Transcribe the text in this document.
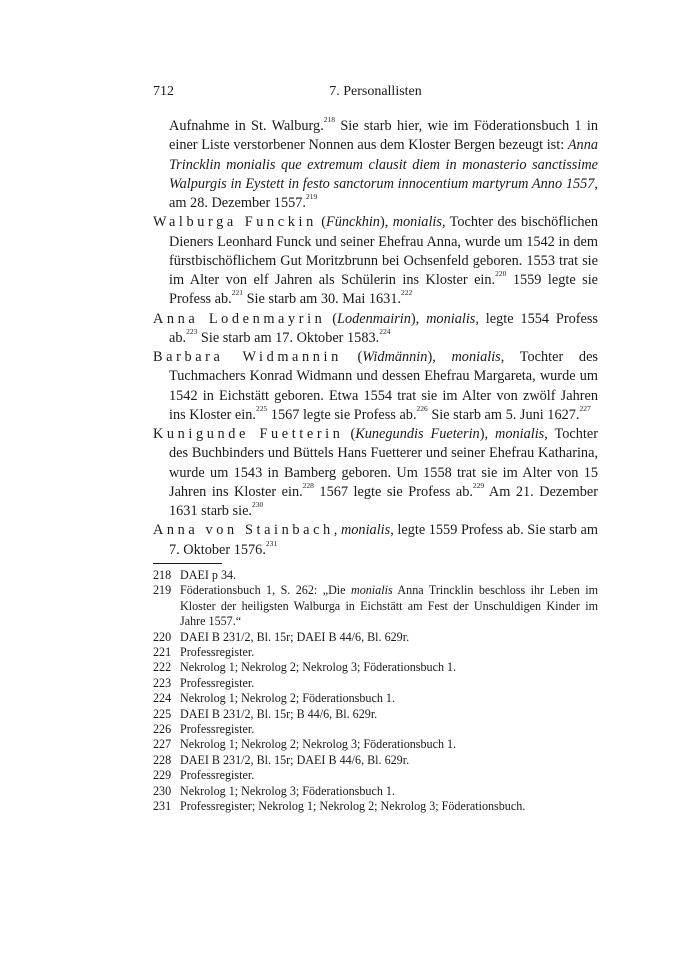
712	7. Personallisten

Aufnahme in St. Walburg.$^{218}$ Sie starb hier, wie im Föderationsbuch 1 in einer Liste verstorbener Nonnen aus dem Kloster Bergen bezeugt ist: Anna Trincklin monialis que extremum clausit diem in monasterio sanctissime Walpurgis in Eystett in festo sanctorum innocentium martyrum Anno 1557, am 28. Dezember 1557.$^{219}$

Walburga Funckin (Fünckhin), monialis, Tochter des bischöflichen Dieners Leonhard Funck und seiner Ehefrau Anna, wurde um 1542 in dem fürstbischöflichem Gut Moritzbrunn bei Ochsenfeld geboren. 1553 trat sie im Alter von elf Jahren als Schülerin ins Kloster ein.$^{220}$ 1559 legte sie Profess ab.$^{221}$ Sie starb am 30. Mai 1631.$^{222}$

Anna Lodenmayrin (Lodenmairin), monialis, legte 1554 Profess ab.$^{223}$ Sie starb am 17. Oktober 1583.$^{224}$

Barbara Widmannin (Widmännin), monialis, Tochter des Tuchmachers Konrad Widmann und dessen Ehefrau Margareta, wurde um 1542 in Eichstätt geboren. Etwa 1554 trat sie im Alter von zwölf Jahren ins Kloster ein.$^{225}$ 1567 legte sie Profess ab.$^{226}$ Sie starb am 5. Juni 1627.$^{227}$

Kunigunde Fuetterin (Kunegundis Fueterin), monialis, Tochter des Buchbinders und Büttels Hans Fuetterer und seiner Ehefrau Katharina, wurde um 1543 in Bamberg geboren. Um 1558 trat sie im Alter von 15 Jahren ins Kloster ein.$^{228}$ 1567 legte sie Profess ab.$^{229}$ Am 21. Dezember 1631 starb sie.$^{230}$

Anna von Stainbach, monialis, legte 1559 Profess ab. Sie starb am 7. Oktober 1576.$^{231}$

218 DAEI p 34.
219 Föderationsbuch 1, S. 262: „Die monialis Anna Trincklin beschloss ihr Leben im Kloster der heiligsten Walburga in Eichstätt am Fest der Unschuldigen Kinder im Jahre 1557.“
220 DAEI B 231/2, Bl. 15r; DAEI B 44/6, Bl. 629r.
221 Professregister.
222 Nekrolog 1; Nekrolog 2; Nekrolog 3; Föderationsbuch 1.
223 Professregister.
224 Nekrolog 1; Nekrolog 2; Föderationsbuch 1.
225 DAEI B 231/2, Bl. 15r; B 44/6, Bl. 629r.
226 Professregister.
227 Nekrolog 1; Nekrolog 2; Nekrolog 3; Föderationsbuch 1.
228 DAEI B 231/2, Bl. 15r; DAEI B 44/6, Bl. 629r.
229 Professregister.
230 Nekrolog 1; Nekrolog 3; Föderationsbuch 1.
231 Professregister; Nekrolog 1; Nekrolog 2; Nekrolog 3; Föderationsbuch.
